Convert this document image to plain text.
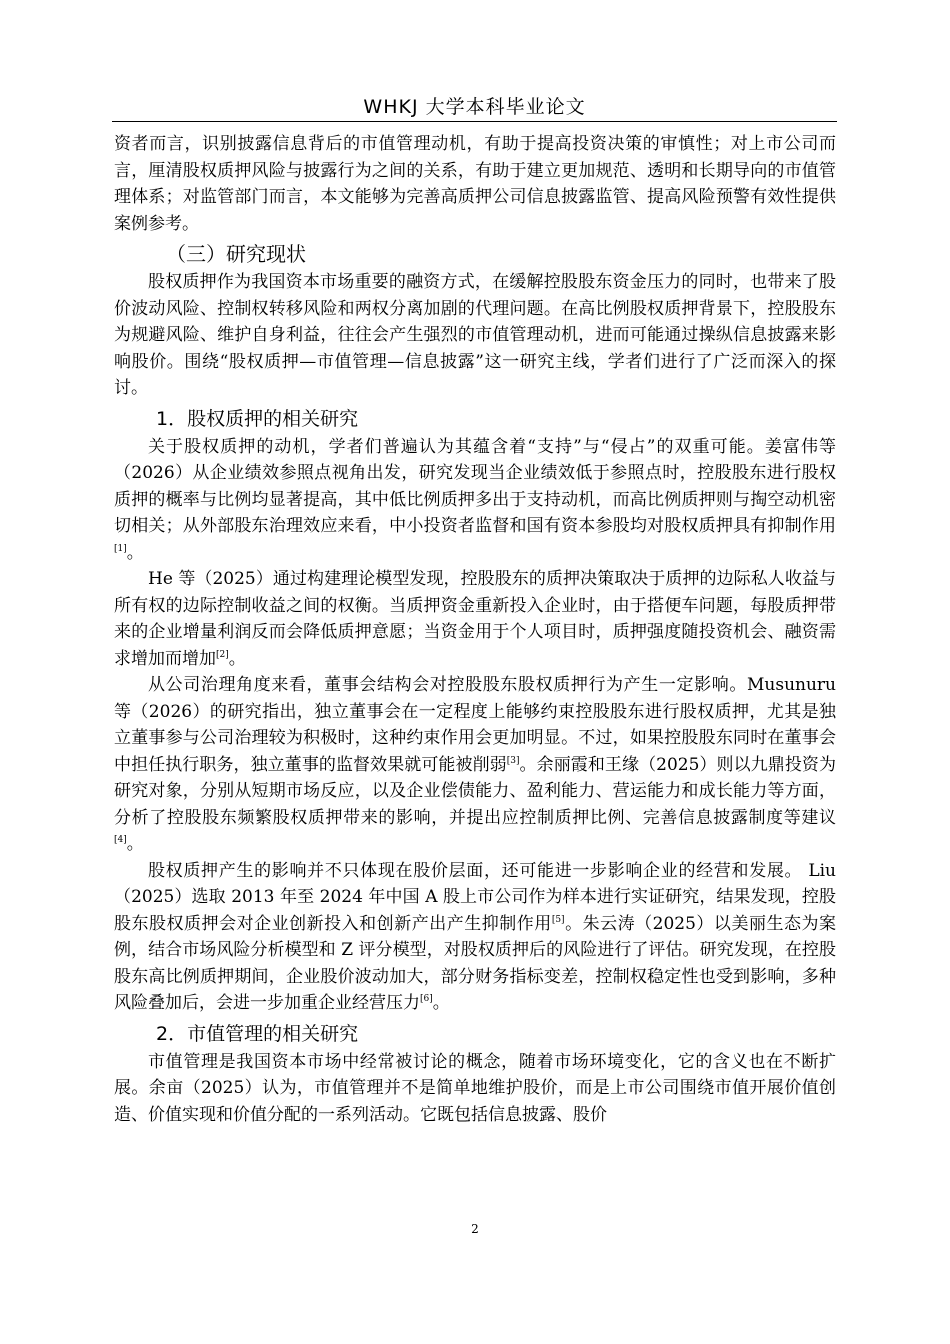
WHKJ 大学本科毕业论文

资者而言，识别披露信息背后的市值管理动机，有助于提高投资决策的审慎性；对上市公司而言，厘清股权质押风险与披露行为之间的关系，有助于建立更加规范、透明和长期导向的市值管理体系；对监管部门而言，本文能够为完善高质押公司信息披露监管、提高风险预警有效性提供案例参考。

（三）研究现状

股权质押作为我国资本市场重要的融资方式，在缓解控股股东资金压力的同时，也带来了股价波动风险、控制权转移风险和两权分离加剧的代理问题。在高比例股权质押背景下，控股股东为规避风险、维护自身利益，往往会产生强烈的市值管理动机，进而可能通过操纵信息披露来影响股价。围绕“股权质押—市值管理—信息披露”这一研究主线，学者们进行了广泛而深入的探讨。

1．股权质押的相关研究

关于股权质押的动机，学者们普遍认为其蕴含着“支持”与“侵占”的双重可能。姜富伟等（2026）从企业绩效参照点视角出发，研究发现当企业绩效低于参照点时，控股股东进行股权质押的概率与比例均显著提高，其中低比例质押多出于支持动机，而高比例质押则与掏空动机密切相关；从外部股东治理效应来看，中小投资者监督和国有资本参股均对股权质押具有抑制作用[1]。

He 等（2025）通过构建理论模型发现，控股股东的质押决策取决于质押的边际私人收益与所有权的边际控制收益之间的权衡。当质押资金重新投入企业时，由于搭便车问题，每股质押带来的企业增量利润反而会降低质押意愿；当资金用于个人项目时，质押强度随投资机会、融资需求增加而增加[2]。

从公司治理角度来看，董事会结构会对控股股东股权质押行为产生一定影响。Musunuru 等（2026）的研究指出，独立董事会在一定程度上能够约束控股股东进行股权质押，尤其是独立董事参与公司治理较为积极时，这种约束作用会更加明显。不过，如果控股股东同时在董事会中担任执行职务，独立董事的监督效果就可能被削弱[3]。余丽霞和王缘（2025）则以九鼎投资为研究对象，分别从短期市场反应，以及企业偿债能力、盈利能力、营运能力和成长能力等方面，分析了控股股东频繁股权质押带来的影响，并提出应控制质押比例、完善信息披露制度等建议[4]。

股权质押产生的影响并不只体现在股价层面，还可能进一步影响企业的经营和发展。 Liu（2025）选取 2013 年至 2024 年中国 A 股上市公司作为样本进行实证研究，结果发现，控股股东股权质押会对企业创新投入和创新产出产生抑制作用[5]。朱云涛（2025）以美丽生态为案例，结合市场风险分析模型和 Z 评分模型，对股权质押后的风险进行了评估。研究发现，在控股股东高比例质押期间，企业股价波动加大，部分财务指标变差，控制权稳定性也受到影响，多种风险叠加后，会进一步加重企业经营压力[6]。

2．市值管理的相关研究

市值管理是我国资本市场中经常被讨论的概念，随着市场环境变化，它的含义也在不断扩展。余亩（2025）认为，市值管理并不是简单地维护股价，而是上市公司围绕市值开展价值创造、价值实现和价值分配的一系列活动。它既包括信息披露、股价

2
